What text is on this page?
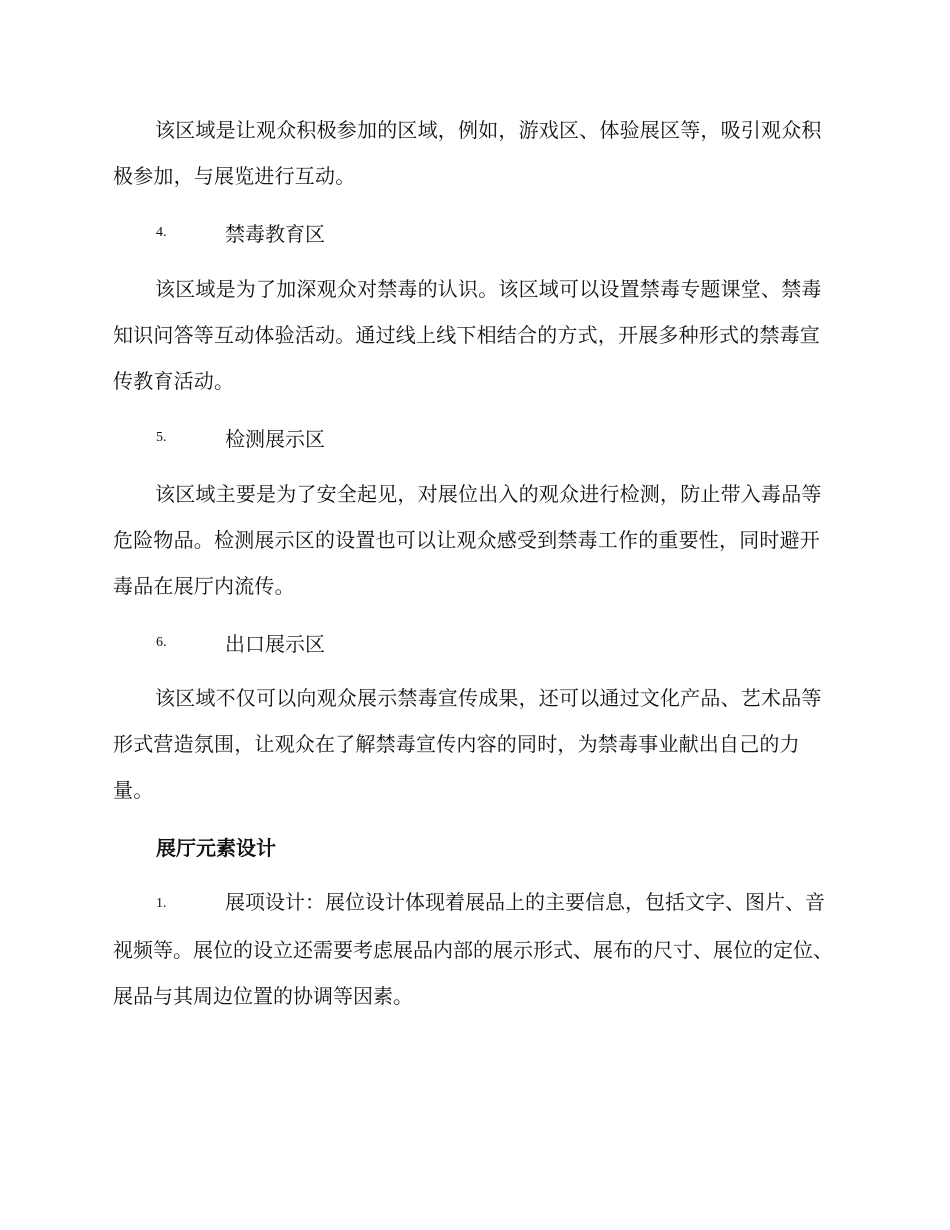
该区域是让观众积极参加的区域，例如，游戏区、体验展区等，吸引观众积极参加，与展览进行互动。

4.	禁毒教育区

该区域是为了加深观众对禁毒的认识。该区域可以设置禁毒专题课堂、禁毒知识问答等互动体验活动。通过线上线下相结合的方式，开展多种形式的禁毒宣传教育活动。

5.	检测展示区

该区域主要是为了安全起见，对展位出入的观众进行检测，防止带入毒品等危险物品。检测展示区的设置也可以让观众感受到禁毒工作的重要性，同时避开毒品在展厅内流传。

6.	出口展示区

该区域不仅可以向观众展示禁毒宣传成果，还可以通过文化产品、艺术品等形式营造氛围，让观众在了解禁毒宣传内容的同时，为禁毒事业献出自己的力量。

展厅元素设计

1.	展项设计：展位设计体现着展品上的主要信息，包括文字、图片、音视频等。展位的设立还需要考虑展品内部的展示形式、展布的尺寸、展位的定位、展品与其周边位置的协调等因素。
